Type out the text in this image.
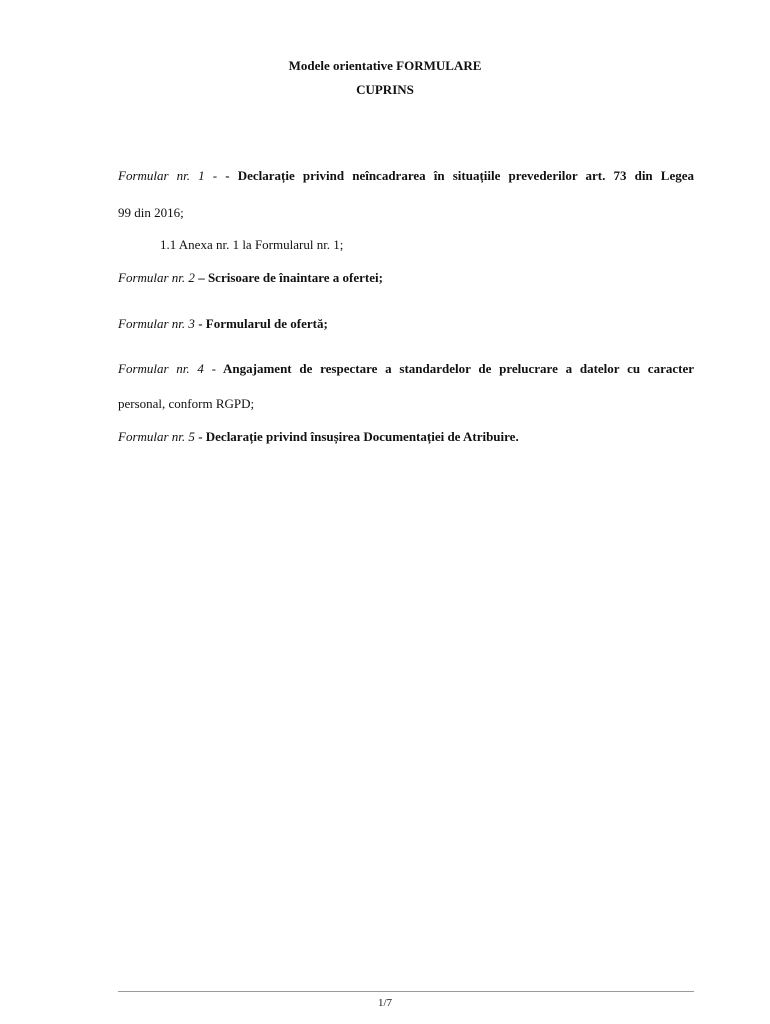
Modele orientative FORMULARE
CUPRINS
Formular nr. 1 - - Declarație privind neîncadrarea în situațiile prevederilor art. 73 din Legea
99 din 2016;
1.1 Anexa nr. 1 la Formularul nr. 1;
Formular nr. 2 – Scrisoare de înaintare a ofertei;
Formular nr. 3 - Formularul de ofertă;
Formular nr. 4 - Angajament de respectare a standardelor de prelucrare a datelor cu caracter
personal, conform RGPD;
Formular nr. 5 - Declarație privind însușirea Documentației de Atribuire.
1/7
